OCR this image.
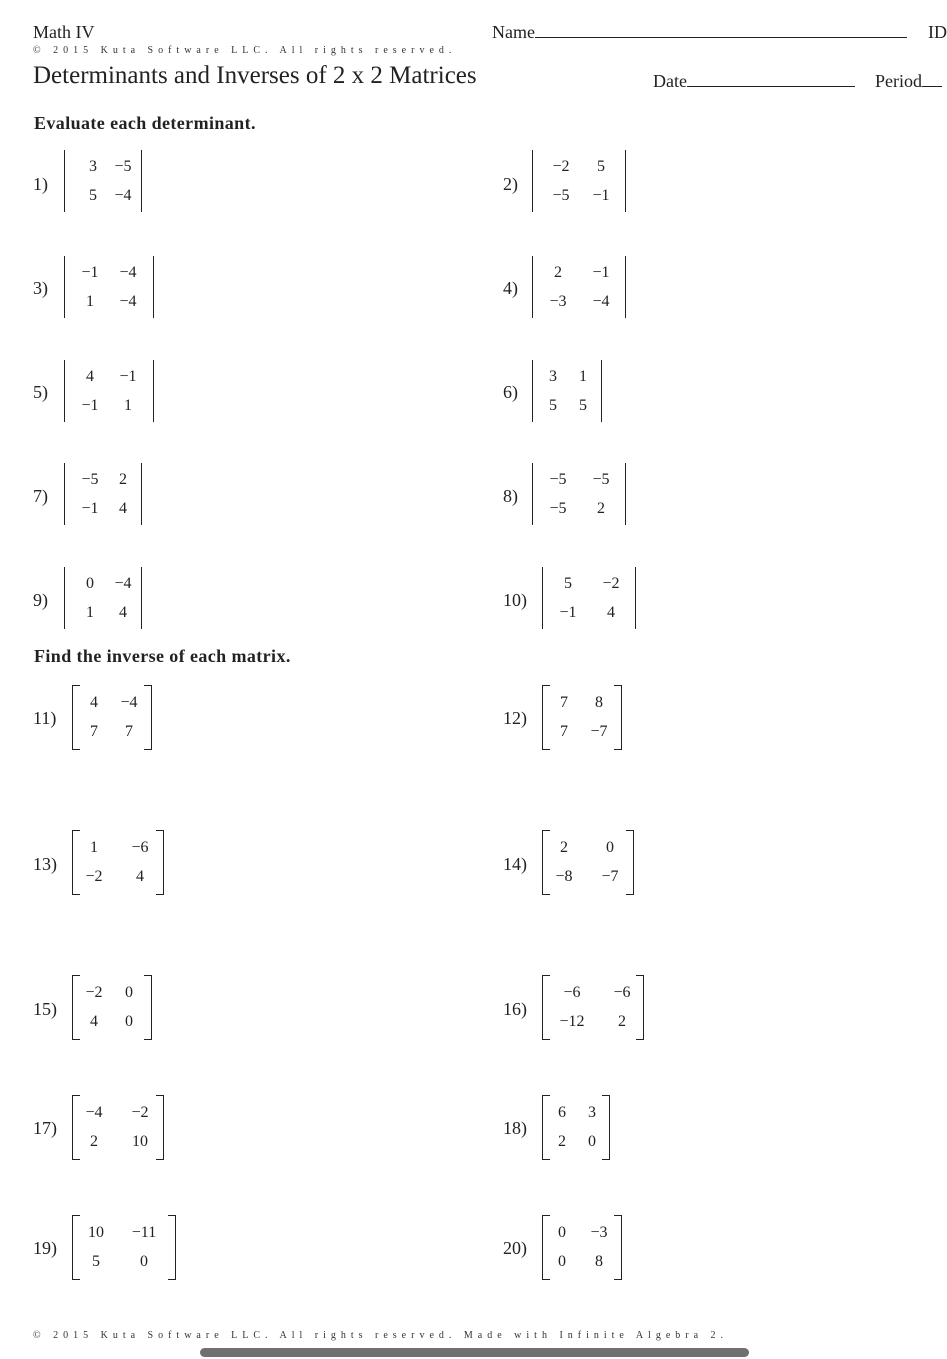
Math IV	Name	ID
© 2015 Kuta Software LLC. All rights reserved.
Determinants and Inverses of 2 x 2 Matrices	Date	Period
Evaluate each determinant.
1)
3	−5
5	−4
2)
−2	5
−5	−1
3)
−1	−4
1	−4
4)
2	−1
−3	−4
5)
4	−1
−1	1
6)
3	1
5	5
7)
−5	2
−1	4
8)
−5	−5
−5	2
9)
0	−4
1	4
10)
5	−2
−1	4
11)
4	−4
7	7
12)
7	8
7	−7
13)
1	−6
−2	4
14)
2	0
−8	−7
15)
−2	0
4	0
16)
−6	−6
−12	2
17)
−4	−2
2	10
18)
6	3
2	0
19)
10	−11
5	0
20)
0	−3
0	8
Find the inverse of each matrix.
© 2015 Kuta Software LLC. All rights reserved. Made with Infinite Algebra 2.
